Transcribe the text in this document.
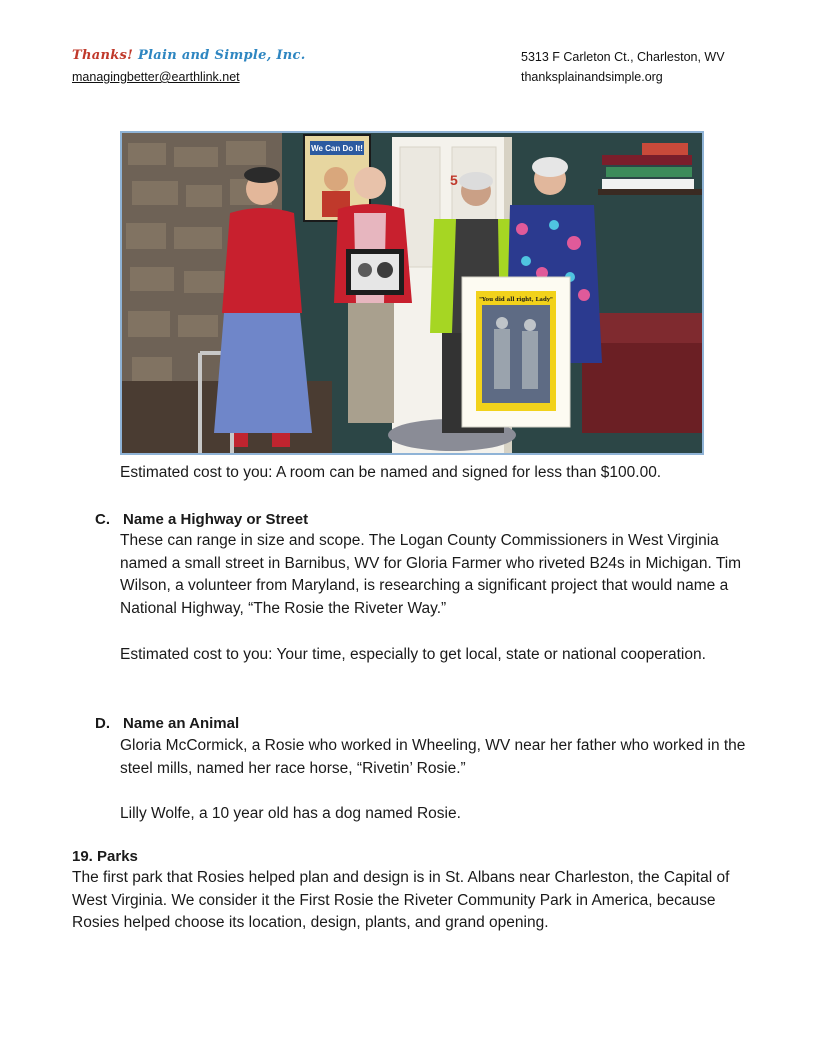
Thanks! Plain and Simple, Inc.
managingbetter@earthlink.net
5313 F Carleton Ct., Charleston, WV
thanksplainandsimple.org
We Can Do It!
5
"You did all right, Lady"
Estimated cost to you: A room can be named and signed for less than $100.00.
C. Name a Highway or Street
These can range in size and scope. The Logan County Commissioners in West Virginia named a small street in Barnibus, WV for Gloria Farmer who riveted B24s in Michigan. Tim Wilson, a volunteer from Maryland, is researching a significant project that would name a National Highway, “The Rosie the Riveter Way.”
Estimated cost to you: Your time, especially to get local, state or national cooperation.
D. Name an Animal
Gloria McCormick, a Rosie who worked in Wheeling, WV near her father who worked in the steel mills, named her race horse, “Rivetin’ Rosie.”
Lilly Wolfe, a 10 year old has a dog named Rosie.
19. Parks
The first park that Rosies helped plan and design is in St. Albans near Charleston, the Capital of West Virginia. We consider it the First Rosie the Riveter Community Park in America, because Rosies helped choose its location, design, plants, and grand opening.
